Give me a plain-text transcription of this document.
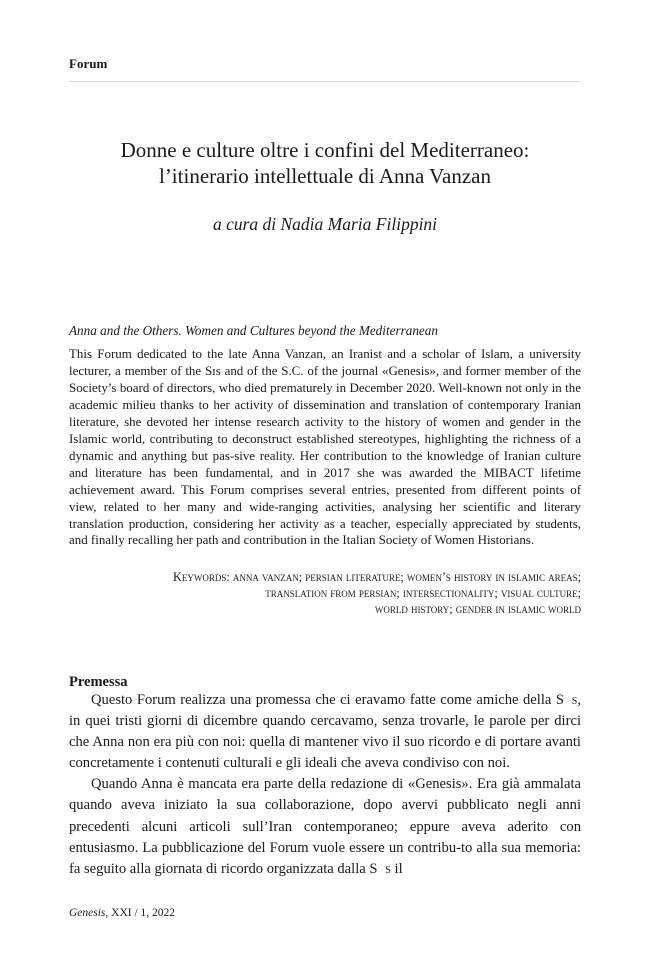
Forum
Donne e culture oltre i confini del Mediterraneo:
l’itinerario intellettuale di Anna Vanzan
a cura di Nadia Maria Filippini
Anna and the Others. Women and Cultures beyond the Mediterranean
This Forum dedicated to the late Anna Vanzan, an Iranist and a scholar of Islam, a university lecturer, a member of the Sɪs and of the S.C. of the journal «Genesis», and former member of the Society’s board of directors, who died prematurely in December 2020. Well-known not only in the academic milieu thanks to her activity of dissemination and translation of contemporary Iranian literature, she devoted her intense research activity to the history of women and gender in the Islamic world, contributing to deconstruct established stereotypes, highlighting the richness of a dynamic and anything but pas-sive reality. Her contribution to the knowledge of Iranian culture and literature has been fundamental, and in 2017 she was awarded the MIBACT lifetime achievement award. This Forum comprises several entries, presented from different points of view, related to her many and wide-ranging activities, analysing her scientific and literary translation production, considering her activity as a teacher, especially appreciated by students, and finally recalling her path and contribution in the Italian Society of Women Historians.
Keywords: anna vanzan; persian literature; women’s history in islamic areas;
translation from persian; intersectionality; visual culture;
world history; gender in islamic world
Premessa

Questo Forum realizza una promessa che ci eravamo fatte come amiche della Sɪs, in quei tristi giorni di dicembre quando cercavamo, senza trovarle, le parole per dirci che Anna non era più con noi: quella di mantener vivo il suo ricordo e di portare avanti concretamente i contenuti culturali e gli ideali che aveva condiviso con noi.

Quando Anna è mancata era parte della redazione di «Genesis». Era già ammalata quando aveva iniziato la sua collaborazione, dopo avervi pubblicato negli anni precedenti alcuni articoli sull’Iran contemporaneo; eppure aveva aderito con entusiasmo. La pubblicazione del Forum vuole essere un contribu-to alla sua memoria: fa seguito alla giornata di ricordo organizzata dalla Sɪs il

Genesis, XXI / 1, 2022
